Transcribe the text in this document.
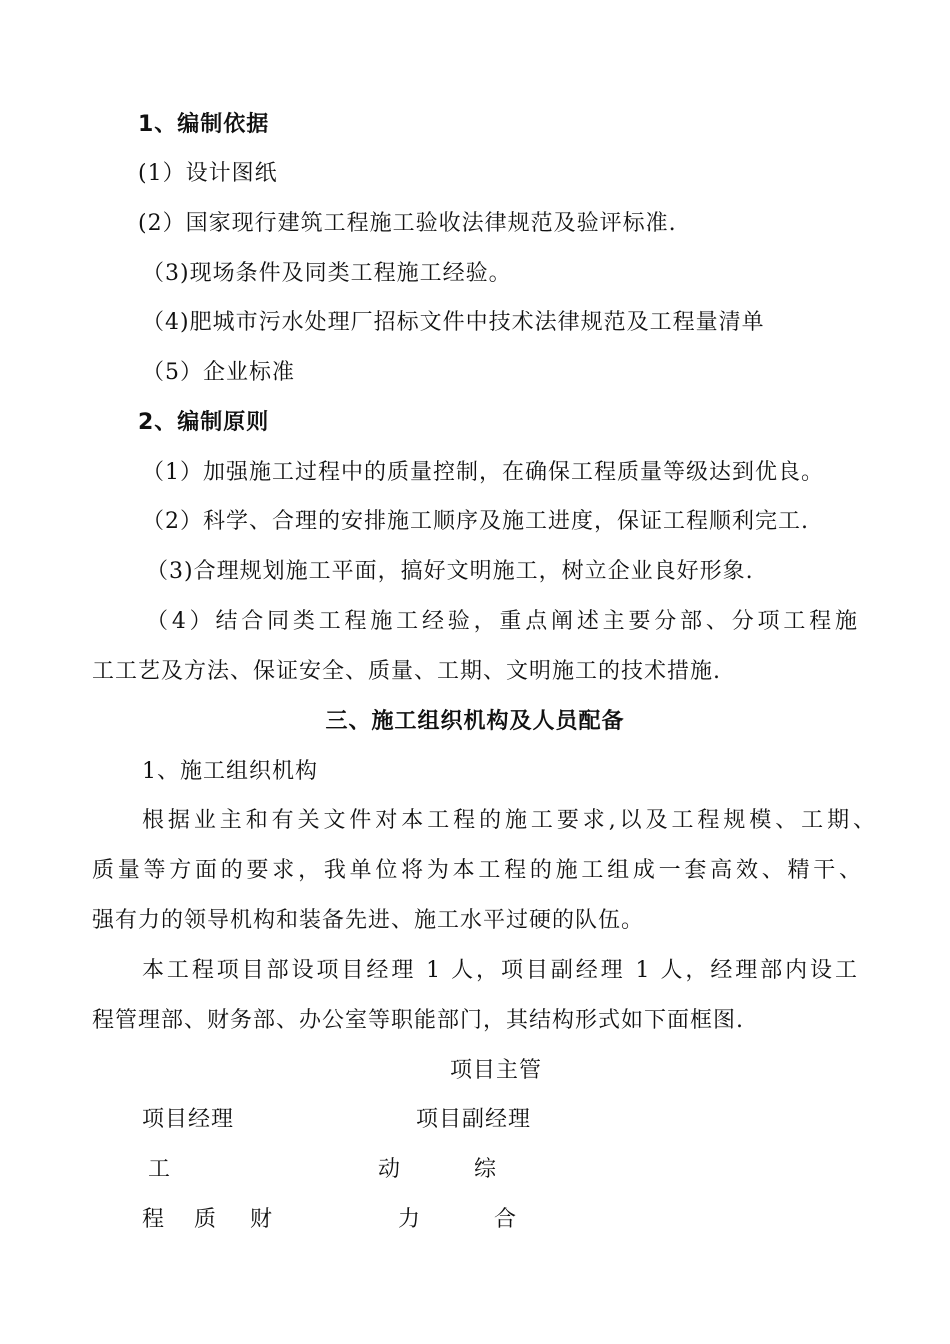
1、编制依据
(1）设计图纸
(2）国家现行建筑工程施工验收法律规范及验评标准.
（3)现场条件及同类工程施工经验。
（4)肥城市污水处理厂招标文件中技术法律规范及工程量清单
（5）企业标准
2、编制原则
（1）加强施工过程中的质量控制，在确保工程质量等级达到优良。
（2）科学、合理的安排施工顺序及施工进度，保证工程顺利完工.
（3)合理规划施工平面，搞好文明施工，树立企业良好形象.
（4）结合同类工程施工经验，重点阐述主要分部、分项工程施
工工艺及方法、保证安全、质量、工期、文明施工的技术措施.
三、施工组织机构及人员配备
1、施工组织机构
根据业主和有关文件对本工程的施工要求,以及工程规模、工期、
质量等方面的要求，我单位将为本工程的施工组成一套高效、精干、
强有力的领导机构和装备先进、施工水平过硬的队伍。
本工程项目部设项目经理 1 人，项目副经理 1 人，经理部内设工
程管理部、财务部、办公室等职能部门，其结构形式如下面框图.
项目主管
项目经理	项目副经理
工	动	综
程 质 财	力	合
